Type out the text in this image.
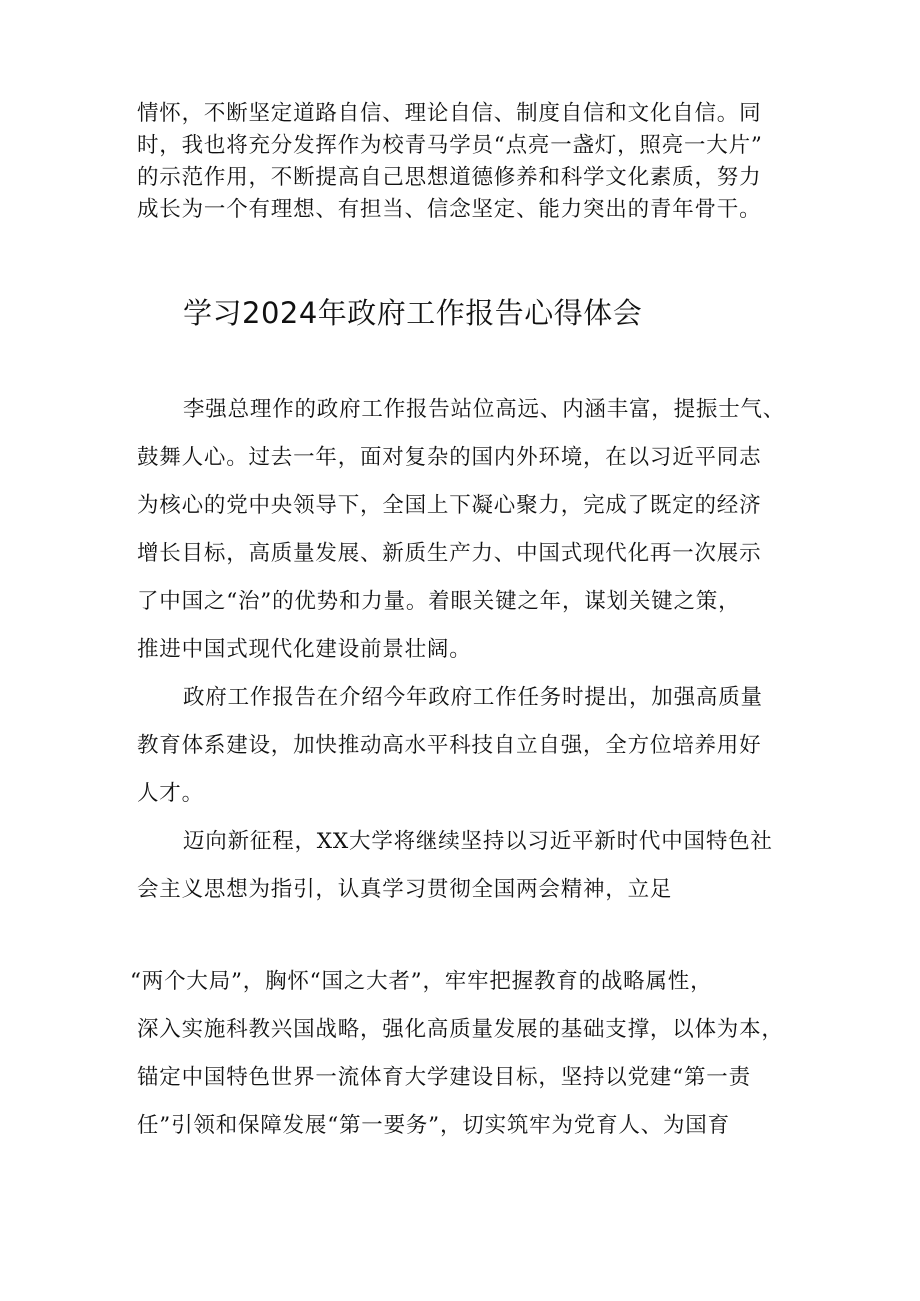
情怀，不断坚定道路自信、理论自信、制度自信和文化自信。同
时，我也将充分发挥作为校青马学员“点亮一盏灯，照亮一大片”
的示范作用，不断提高自己思想道德修养和科学文化素质，努力
成长为一个有理想、有担当、信念坚定、能力突出的青年骨干。
学习2024年政府工作报告心得体会
李强总理作的政府工作报告站位高远、内涵丰富，提振士气、
鼓舞人心。过去一年，面对复杂的国内外环境，在以习近平同志
为核心的党中央领导下，全国上下凝心聚力，完成了既定的经济
增长目标，高质量发展、新质生产力、中国式现代化再一次展示
了中国之“治”的优势和力量。着眼关键之年，谋划关键之策，
推进中国式现代化建设前景壮阔。
政府工作报告在介绍今年政府工作任务时提出，加强高质量
教育体系建设，加快推动高水平科技自立自强，全方位培养用好
人才。
迈向新征程，XX大学将继续坚持以习近平新时代中国特色社
会主义思想为指引，认真学习贯彻全国两会精神，立足
“两个大局”，胸怀“国之大者”，牢牢把握教育的战略属性，
深入实施科教兴国战略，强化高质量发展的基础支撑，以体为本，
锚定中国特色世界一流体育大学建设目标，坚持以党建“第一责
任”引领和保障发展“第一要务”，切实筑牢为党育人、为国育
